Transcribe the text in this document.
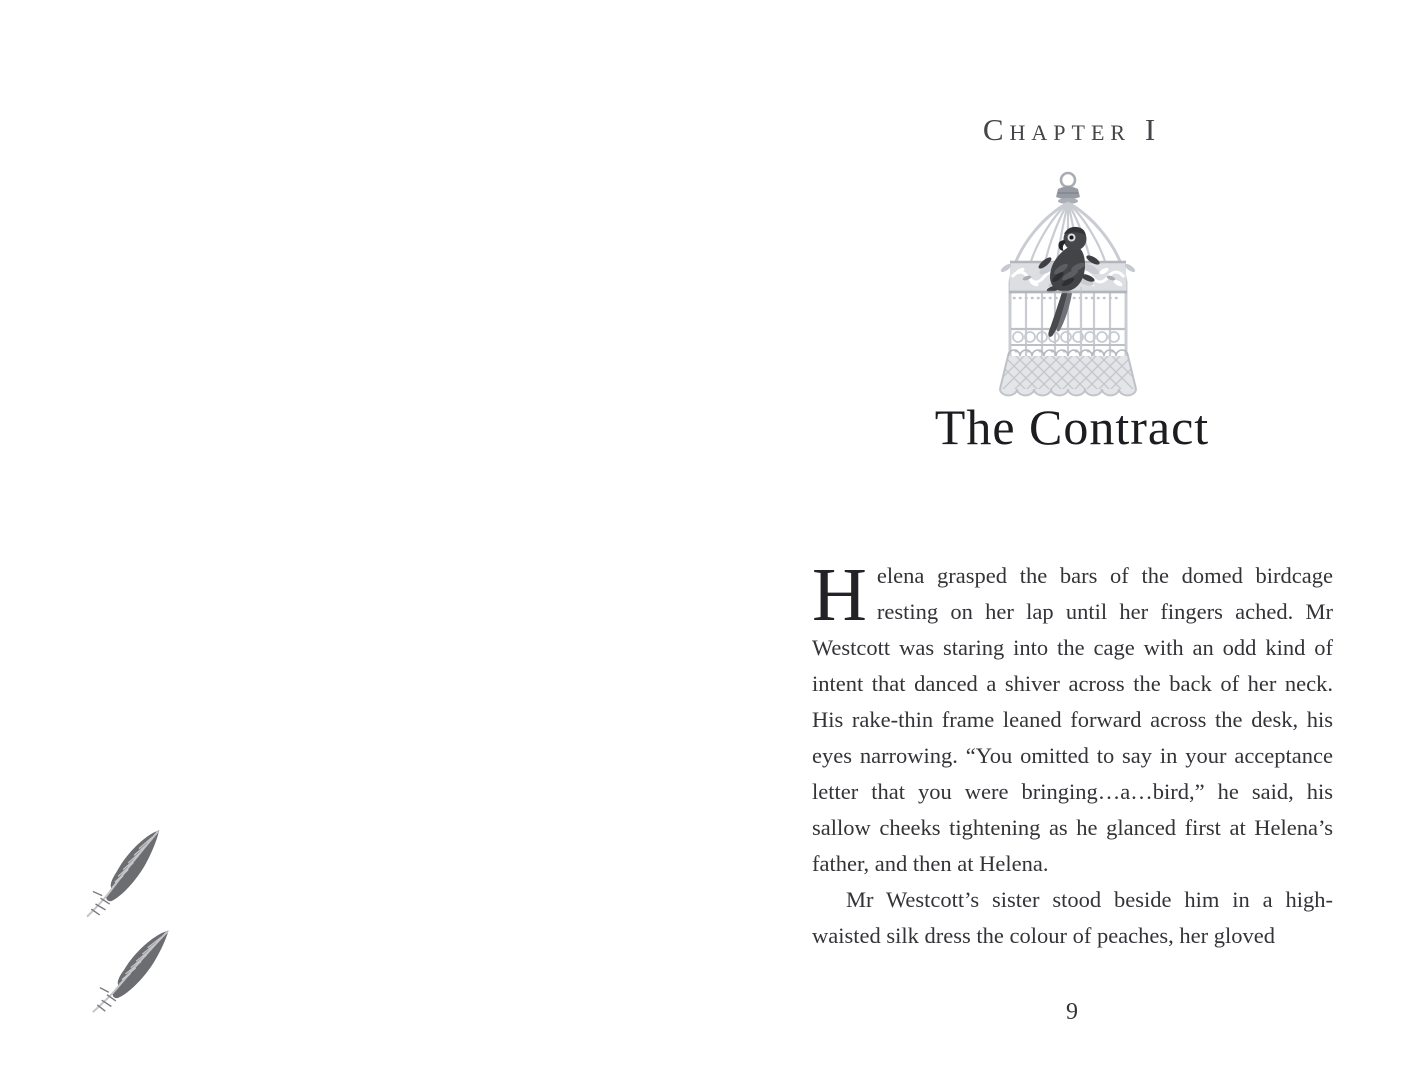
Chapter I
The Contract

Helena grasped the bars of the domed birdcage resting on her lap until her fingers ached. Mr Westcott was staring into the cage with an odd kind of intent that danced a shiver across the back of her neck. His rake-thin frame leaned forward across the desk, his eyes narrowing. “You omitted to say in your acceptance letter that you were bringing…a…bird,” he said, his sallow cheeks tightening as he glanced first at Helena’s father, and then at Helena.

Mr Westcott’s sister stood beside him in a high-waisted silk dress the colour of peaches, her gloved

9
